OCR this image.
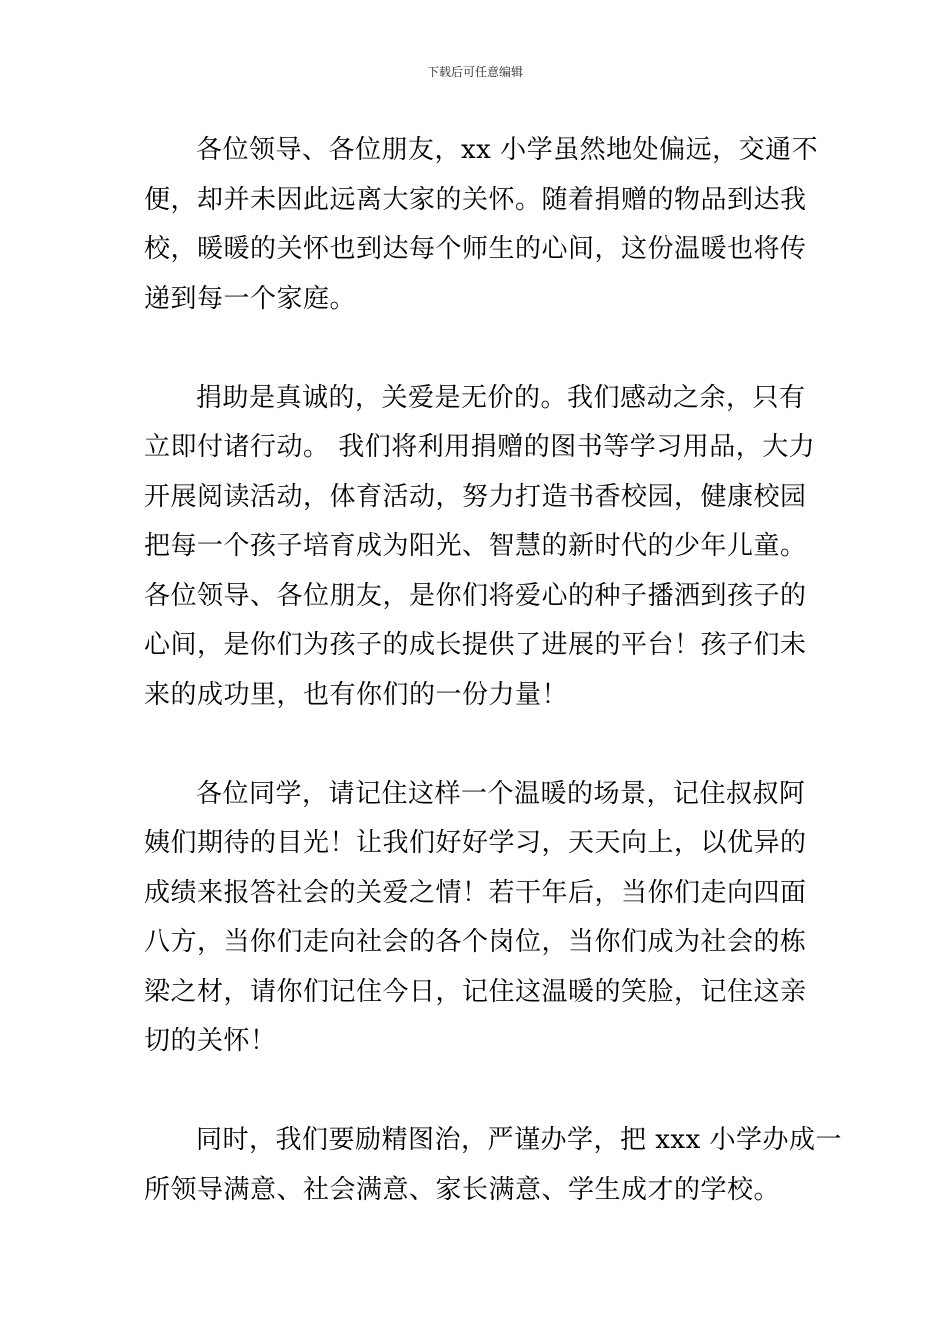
下载后可任意编辑

各位领导、各位朋友，xx 小学虽然地处偏远，交通不
便，却并未因此远离大家的关怀。随着捐赠的物品到达我
校，暖暖的关怀也到达每个师生的心间，这份温暖也将传
递到每一个家庭。

捐助是真诚的，关爱是无价的。我们感动之余，只有
立即付诸行动。 我们将利用捐赠的图书等学习用品，大力
开展阅读活动，体育活动，努力打造书香校园，健康校园
把每一个孩子培育成为阳光、智慧的新时代的少年儿童。
各位领导、各位朋友，是你们将爱心的种子播洒到孩子的
心间，是你们为孩子的成长提供了进展的平台！孩子们未
来的成功里，也有你们的一份力量！

各位同学，请记住这样一个温暖的场景，记住叔叔阿
姨们期待的目光！让我们好好学习，天天向上，以优异的
成绩来报答社会的关爱之情！若干年后，当你们走向四面
八方，当你们走向社会的各个岗位，当你们成为社会的栋
梁之材，请你们记住今日，记住这温暖的笑脸，记住这亲
切的关怀！

同时，我们要励精图治，严谨办学，把 xxx 小学办成一
所领导满意、社会满意、家长满意、学生成才的学校。
